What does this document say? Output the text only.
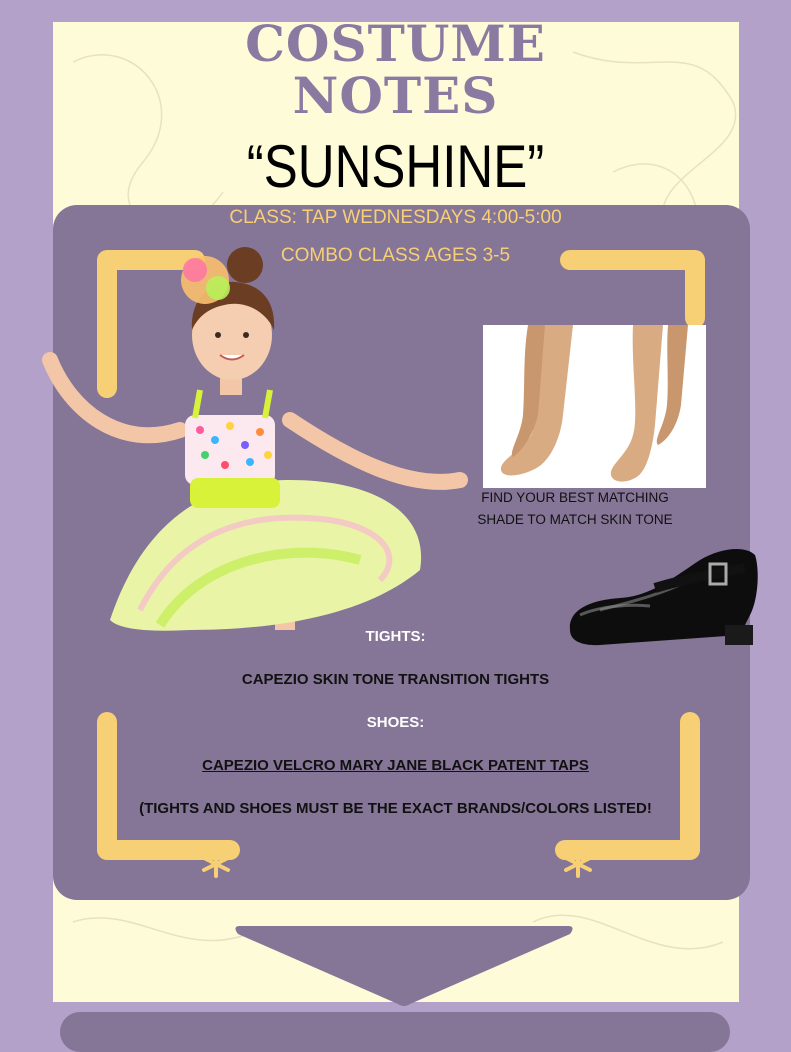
COSTUME
NOTES
“SUNSHINE”
CLASS: TAP WEDNESDAYS 4:00-5:00
COMBO CLASS AGES 3-5
FIND YOUR BEST MATCHING
SHADE TO MATCH SKIN TONE
TIGHTS:
CAPEZIO SKIN TONE TRANSITION TIGHTS
SHOES:
CAPEZIO VELCRO MARY JANE BLACK PATENT TAPS
(TIGHTS AND SHOES MUST BE THE EXACT BRANDS/COLORS LISTED!
